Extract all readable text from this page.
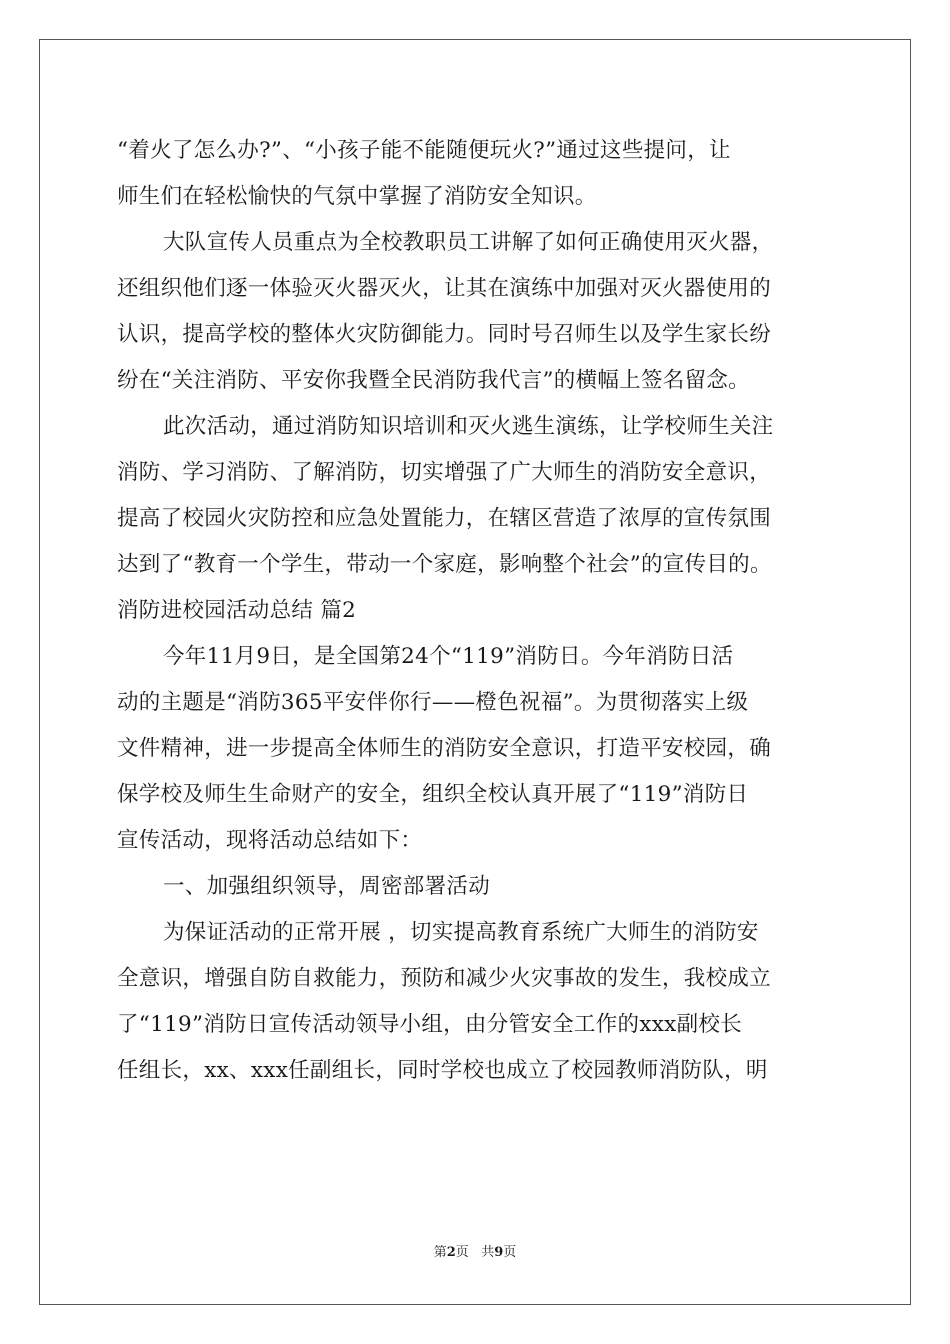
“着火了怎么办?”、“小孩子能不能随便玩火?”通过这些提问，让
师生们在轻松愉快的气氛中掌握了消防安全知识。
大队宣传人员重点为全校教职员工讲解了如何正确使用灭火器，
还组织他们逐一体验灭火器灭火，让其在演练中加强对灭火器使用的
认识，提高学校的整体火灾防御能力。同时号召师生以及学生家长纷
纷在“关注消防、平安你我暨全民消防我代言”的横幅上签名留念。
此次活动，通过消防知识培训和灭火逃生演练，让学校师生关注
消防、学习消防、了解消防，切实增强了广大师生的消防安全意识，
提高了校园火灾防控和应急处置能力，在辖区营造了浓厚的宣传氛围
达到了“教育一个学生，带动一个家庭，影响整个社会”的宣传目的。
消防进校园活动总结 篇2
今年11月9日，是全国第24个“119”消防日。今年消防日活
动的主题是“消防365平安伴你行——橙色祝福”。为贯彻落实上级
文件精神，进一步提高全体师生的消防安全意识，打造平安校园，确
保学校及师生生命财产的安全，组织全校认真开展了“119”消防日
宣传活动，现将活动总结如下：
一、加强组织领导，周密部署活动
为保证活动的正常开展 ，切实提高教育系统广大师生的消防安
全意识，增强自防自救能力，预防和减少火灾事故的发生，我校成立
了“119”消防日宣传活动领导小组，由分管安全工作的xxx副校长
任组长，xx、xxx任副组长，同时学校也成立了校园教师消防队，明
第2页 共9页
